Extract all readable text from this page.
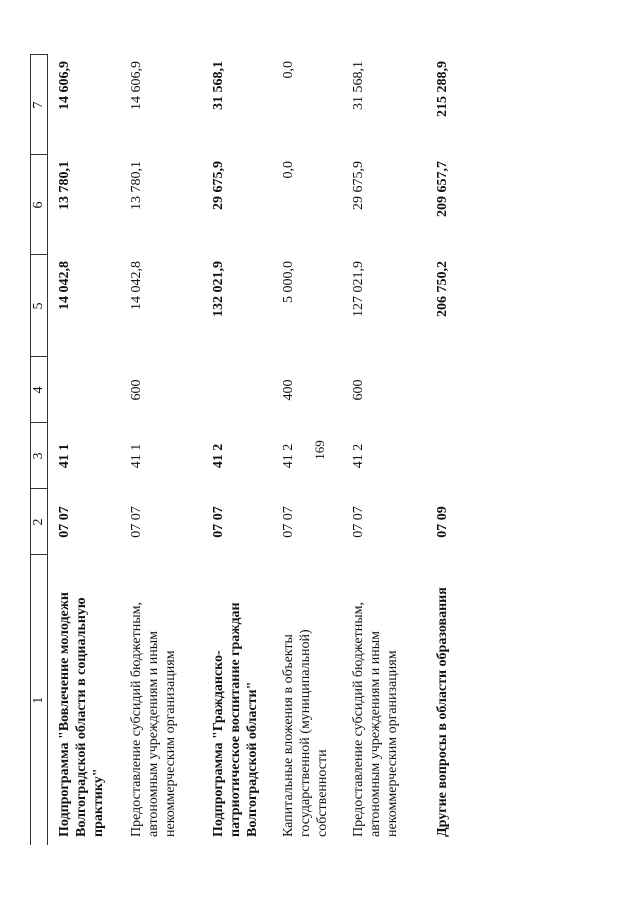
169
1	2	3	4	5	6	7
Подпрограмма "Вовлечение молодежи Волгоградской области в социальную практику"	07 07	41 1		14 042,8	13 780,1	14 606,9
Предоставление субсидий бюджетным, автономным учреждениям и иным некоммерческим организациям	07 07	41 1	600	14 042,8	13 780,1	14 606,9
Подпрограмма "Гражданско-патриотическое воспитание граждан Волгоградской области"	07 07	41 2		132 021,9	29 675,9	31 568,1
Капитальные вложения в объекты государственной (муниципальной) собственности	07 07	41 2	400	5 000,0	0,0	0,0
Предоставление субсидий бюджетным, автономным учреждениям и иным некоммерческим организациям	07 07	41 2	600	127 021,9	29 675,9	31 568,1
Другие вопросы в области образования	07 09			206 750,2	209 657,7	215 288,9
